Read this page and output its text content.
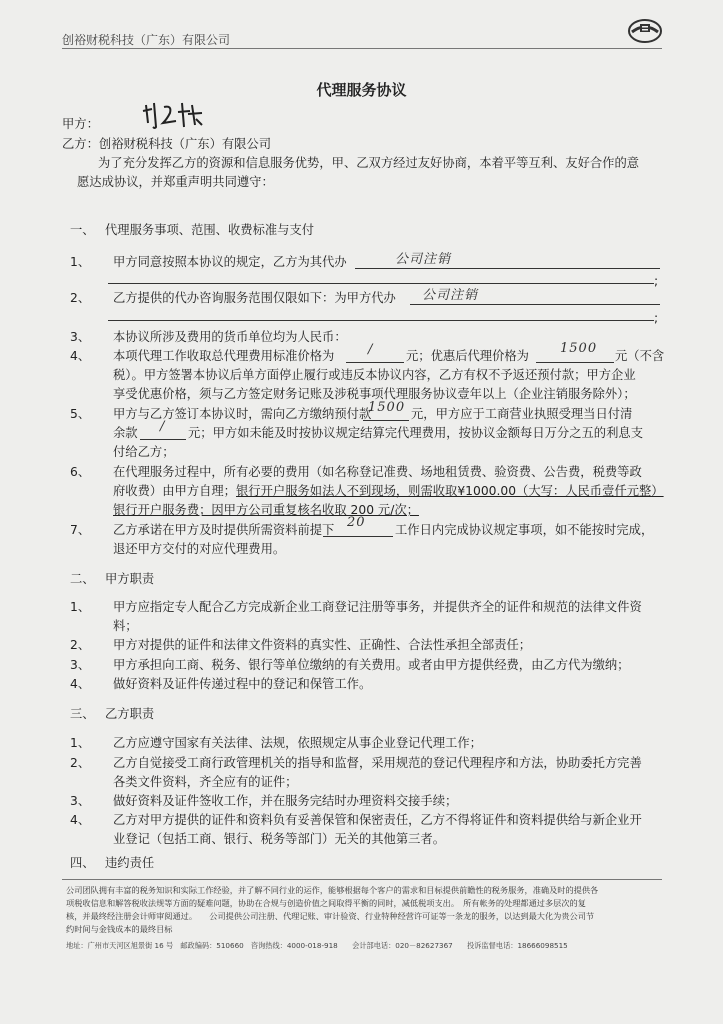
创裕财税科技（广东）有限公司
代理服务协议
甲方：
乙方：创裕财税科技（广东）有限公司
为了充分发挥乙方的资源和信息服务优势，甲、乙双方经过友好协商，本着平等互利、友好合作的意
愿达成协议，并郑重声明共同遵守：
一、 代理服务事项、范围、收费标准与支付
1、 甲方同意按照本协议的规定，乙方为其代办	公司注销
;
2、 乙方提供的代办咨询服务范围仅限如下：为甲方代办 公司注销
;
3、 本协议所涉及费用的货币单位均为人民币：
4、 本项代理工作收取总代理费用标准价格为	/	元；优惠后代理价格为 1500 元（不含
税）。甲方签署本协议后单方面停止履行或违反本协议内容，乙方有权不予返还预付款；甲方企业
享受优惠价格，须与乙方签定财务记账及涉税事项代理服务协议壹年以上（企业注销服务除外）；
5、 甲方与乙方签订本协议时，需向乙方缴纳预付款
1500 元，甲方应于工商营业执照受理当日付清
余款 / 元；甲方如未能及时按协议规定结算完代理费用，按协议金额每日万分之五的利息支
付给乙方；
6、 在代理服务过程中，所有必要的费用（如名称登记准费、场地租赁费、验资费、公告费，税费等政
府收费）由甲方自理； 银行开户服务如法人不到现场，则需收取¥1000.00（大写：人民币壹仟元整）
银行开户服务费；因甲方公司重复核名收取 200 元/次；
7、 乙方承诺在甲方及时提供所需资料前提下 20 工作日内完成协议规定事项，如不能按时完成，
退还甲方交付的对应代理费用。
二、 甲方职责
1、 甲方应指定专人配合乙方完成新企业工商登记注册等事务，并提供齐全的证件和规范的法律文件资
料；
2、 甲方对提供的证件和法律文件资料的真实性、正确性、合法性承担全部责任；
3、 甲方承担向工商、税务、银行等单位缴纳的有关费用。或者由甲方提供经费，由乙方代为缴纳；
4、 做好资料及证件传递过程中的登记和保管工作。
三、 乙方职责
1、 乙方应遵守国家有关法律、法规，依照规定从事企业登记代理工作；
2、 乙方自觉接受工商行政管理机关的指导和监督，采用规范的登记代理程序和方法，协助委托方完善
各类文件资料，齐全应有的证件；
3、 做好资料及证件签收工作，并在服务完结时办理资料交接手续；
4、 乙方对甲方提供的证件和资料负有妥善保管和保密责任，乙方不得将证件和资料提供给与新企业开
业登记（包括工商、银行、税务等部门）无关的其他第三者。
四、 违约责任
公司团队拥有丰富的税务知识和实际工作经验，并了解不同行业的运作，能够根据每个客户的需求和目标提供前瞻性的税务服务，准确及时的提供各
项税收信息和解答税收法规等方面的疑难问题，协助在合规与创造价值之间取得平衡的同时，减低税项支出。　所有帐务的处理都通过多层次的复
核，并最终经注册会计师审阅通过。　　公司提供公司注册、代理记账、审计验资、行业特种经营许可证等一条龙的服务，以达到最大化为贵公司节
约时间与金钱成本的最终目标
地址：广州市天河区旭景街 16 号　邮政编码：510660　咨询热线：4000-018-918　　会计部电话：020－82627367　　投诉监督电话：18666098515
